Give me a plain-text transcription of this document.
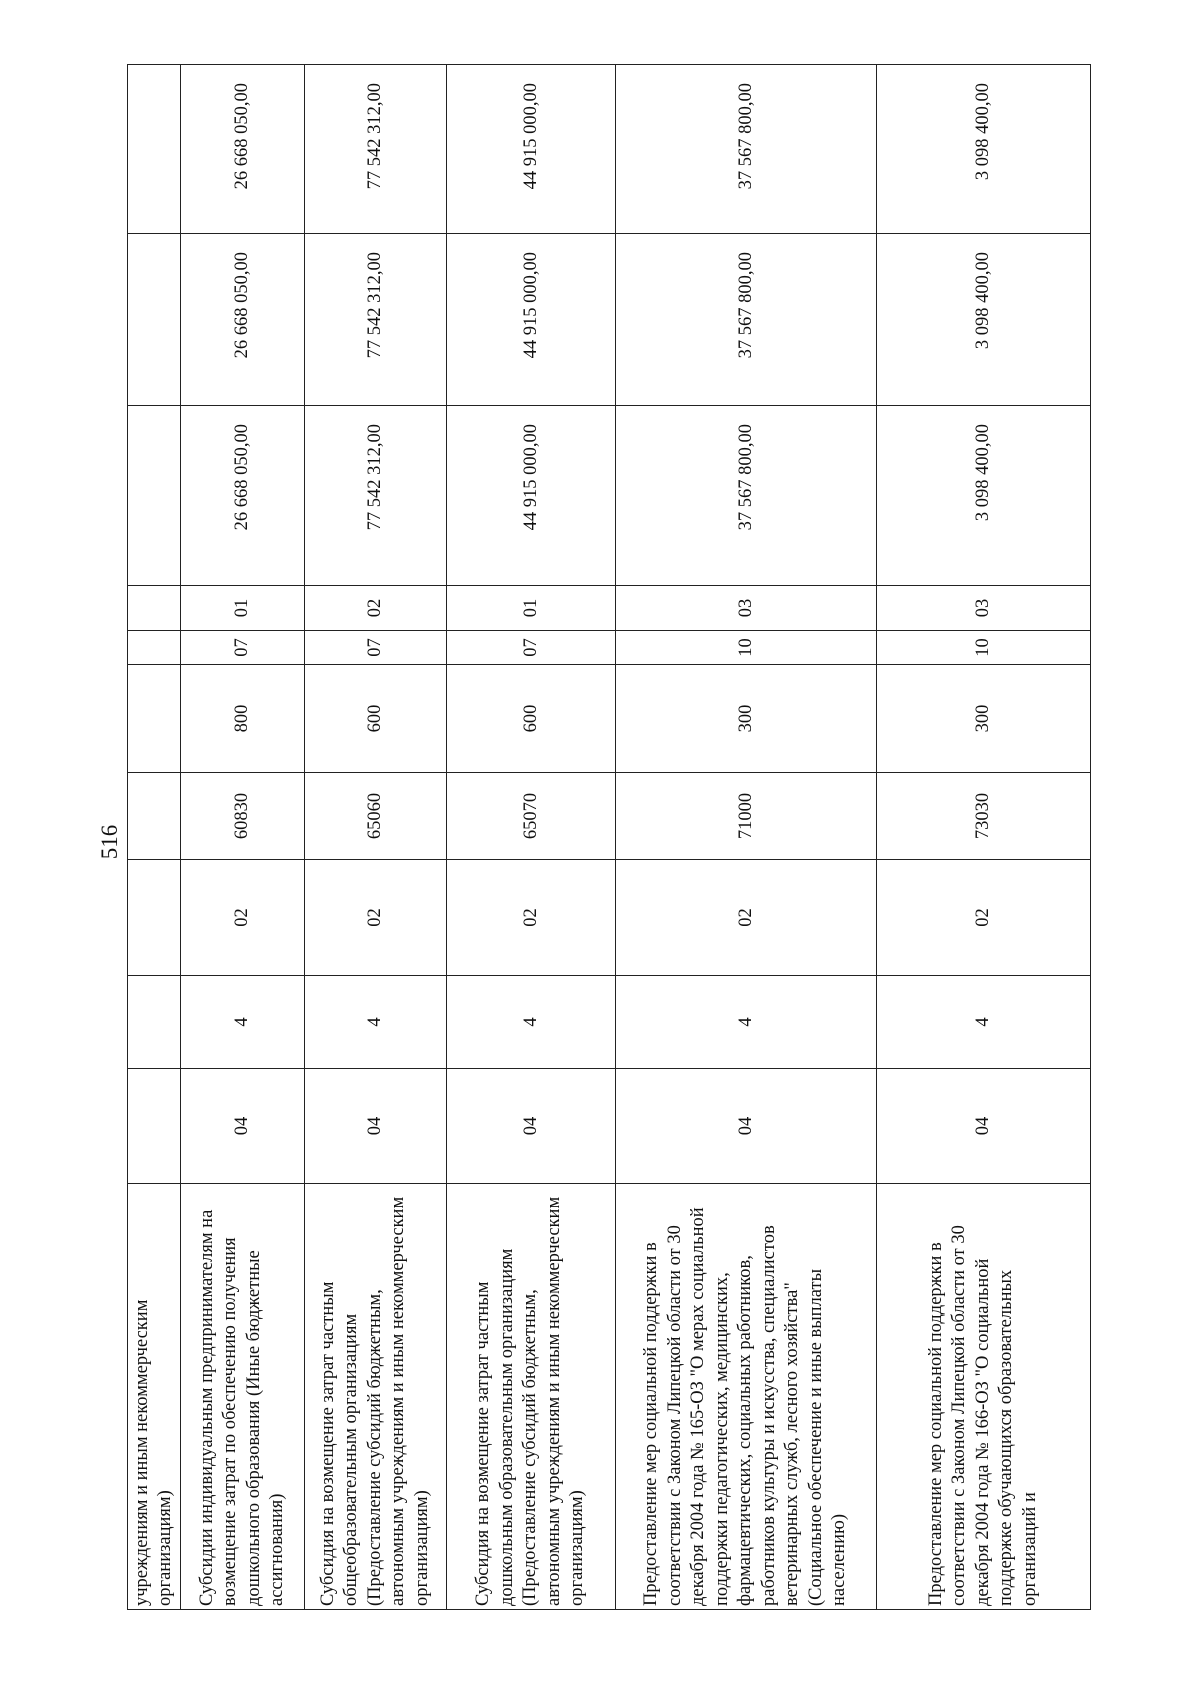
516
учреждениям и иным некоммерческим организациям)										
Субсидии индивидуальным предпринимателям на возмещение затрат по обеспечению получения дошкольного образования (Иные бюджетные ассигнования)	04	4	02	60830	800	07	01	26 668 050,00	26 668 050,00	26 668 050,00
Субсидия на возмещение затрат частным общеобразовательным организациям (Предоставление субсидий бюджетным, автономным учреждениям и иным некоммерческим организациям)	04	4	02	65060	600	07	02	77 542 312,00	77 542 312,00	77 542 312,00
Субсидия на возмещение затрат частным дошкольным образовательным организациям (Предоставление субсидий бюджетным, автономным учреждениям и иным некоммерческим организациям)	04	4	02	65070	600	07	01	44 915 000,00	44 915 000,00	44 915 000,00
Предоставление мер социальной поддержки в соответствии с Законом Липецкой области от 30 декабря 2004 года № 165-ОЗ "О мерах социальной поддержки педагогических, медицинских, фармацевтических, социальных работников, работников культуры и искусства, специалистов ветеринарных служб, лесного хозяйства" (Социальное обеспечение и иные выплаты населению)	04	4	02	71000	300	10	03	37 567 800,00	37 567 800,00	37 567 800,00
Предоставление мер социальной поддержки в соответствии с Законом Липецкой области от 30 декабря 2004 года № 166-ОЗ "О социальной поддержке обучающихся образовательных организаций и	04	4	02	73030	300	10	03	3 098 400,00	3 098 400,00	3 098 400,00
